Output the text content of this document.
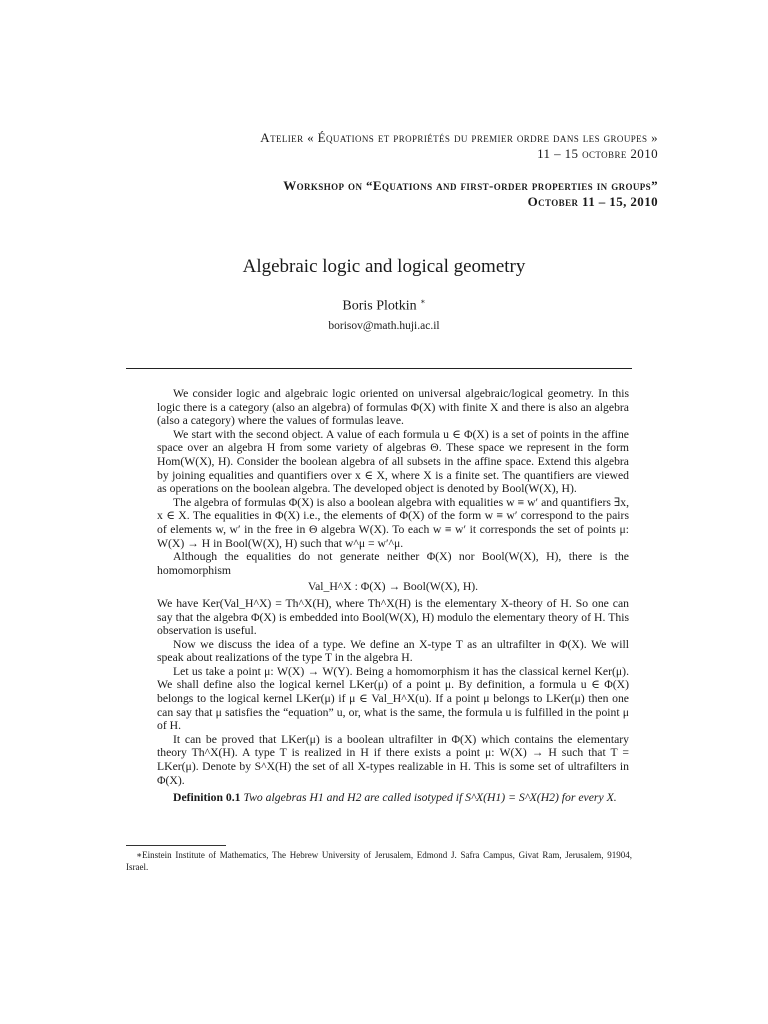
Atelier « Équations et propriétés du premier ordre dans les groupes »
11 – 15 octobre 2010
Workshop on “Equations and first-order properties in groups”
October 11 – 15, 2010
Algebraic logic and logical geometry
Boris Plotkin ∗
borisov@math.huji.ac.il

We consider logic and algebraic logic oriented on universal algebraic/logical geometry. In this logic there is a category (also an algebra) of formulas Φ(X) with finite X and there is also an algebra (also a category) where the values of formulas leave.

We start with the second object. A value of each formula u ∈ Φ(X) is a set of points in the affine space over an algebra H from some variety of algebras Θ. These space we represent in the form Hom(W(X), H). Consider the boolean algebra of all subsets in the affine space. Extend this algebra by joining equalities and quantifiers over x ∈ X, where X is a finite set. The quantifiers are viewed as operations on the boolean algebra. The developed object is denoted by Bool(W(X), H).

The algebra of formulas Φ(X) is also a boolean algebra with equalities w ≡ w′ and quantifiers ∃x, x ∈ X. The equalities in Φ(X) i.e., the elements of Φ(X) of the form w ≡ w′ correspond to the pairs of elements w, w′ in the free in Θ algebra W(X). To each w ≡ w′ it corresponds the set of points μ: W(X) → H in Bool(W(X), H) such that w^μ = w′^μ.

Although the equalities do not generate neither Φ(X) nor Bool(W(X), H), there is the homomorphism

Val_H^X : Φ(X) → Bool(W(X), H).

We have Ker(Val_H^X) = Th^X(H), where Th^X(H) is the elementary X-theory of H. So one can say that the algebra Φ(X) is embedded into Bool(W(X), H) modulo the elementary theory of H. This observation is useful.

Now we discuss the idea of a type. We define an X-type T as an ultrafilter in Φ(X). We will speak about realizations of the type T in the algebra H.

Let us take a point μ: W(X) → W(Y). Being a homomorphism it has the classical kernel Ker(μ). We shall define also the logical kernel LKer(μ) of a point μ. By definition, a formula u ∈ Φ(X) belongs to the logical kernel LKer(μ) if μ ∈ Val_H^X(u). If a point μ belongs to LKer(μ) then one can say that μ satisfies the “equation” u, or, what is the same, the formula u is fulfilled in the point μ of H.

It can be proved that LKer(μ) is a boolean ultrafilter in Φ(X) which contains the elementary theory Th^X(H). A type T is realized in H if there exists a point μ: W(X) → H such that T = LKer(μ). Denote by S^X(H) the set of all X-types realizable in H. This is some set of ultrafilters in Φ(X).

Definition 0.1 Two algebras H1 and H2 are called isotyped if S^X(H1) = S^X(H2) for every X.

∗Einstein Institute of Mathematics, The Hebrew University of Jerusalem, Edmond J. Safra Campus, Givat Ram, Jerusalem, 91904, Israel.
